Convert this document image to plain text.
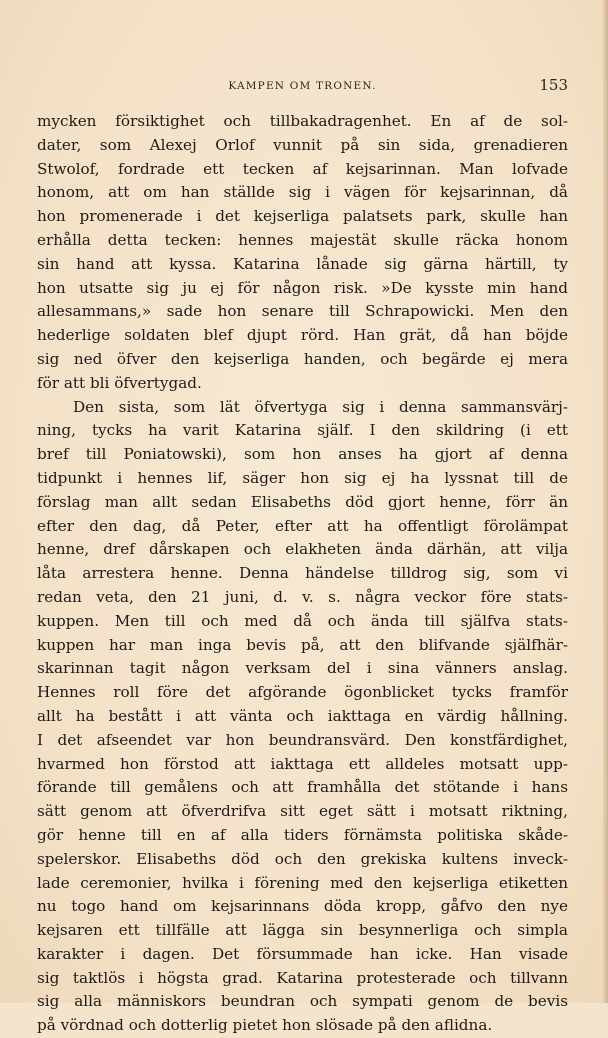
KAMPEN OM TRONEN.	153
mycken försiktighet och tillbakadragenhet. En af de sol-
dater, som Alexej Orlof vunnit på sin sida, grenadieren
Stwolof, fordrade ett tecken af kejsarinnan. Man lofvade
honom, att om han ställde sig i vägen för kejsarinnan, då
hon promenerade i det kejserliga palatsets park, skulle han
erhålla detta tecken: hennes majestät skulle räcka honom
sin hand att kyssa. Katarina lånade sig gärna härtill, ty
hon utsatte sig ju ej för någon risk. »De kysste min hand
allesammans,» sade hon senare till Schrapowicki. Men den
hederlige soldaten blef djupt rörd. Han grät, då han böjde
sig ned öfver den kejserliga handen, och begärde ej mera
för att bli öfvertygad.
Den sista, som lät öfvertyga sig i denna sammansvärj-
ning, tycks ha varit Katarina själf. I den skildring (i ett
bref till Poniatowski), som hon anses ha gjort af denna
tidpunkt i hennes lif, säger hon sig ej ha lyssnat till de
förslag man allt sedan Elisabeths död gjort henne, förr än
efter den dag, då Peter, efter att ha offentligt förolämpat
henne, dref dårskapen och elakheten ända därhän, att vilja
låta arrestera henne. Denna händelse tilldrog sig, som vi
redan veta, den 21 juni, d. v. s. några veckor före stats-
kuppen. Men till och med då och ända till själfva stats-
kuppen har man inga bevis på, att den blifvande själfhär-
skarinnan tagit någon verksam del i sina vänners anslag.
Hennes roll före det afgörande ögonblicket tycks framför
allt ha bestått i att vänta och iakttaga en värdig hållning.
I det afseendet var hon beundransvärd. Den konstfärdighet,
hvarmed hon förstod att iakttaga ett alldeles motsatt upp-
förande till gemålens och att framhålla det stötande i hans
sätt genom att öfverdrifva sitt eget sätt i motsatt riktning,
gör henne till en af alla tiders förnämsta politiska skåde-
spelerskor. Elisabeths död och den grekiska kultens inveck-
lade ceremonier, hvilka i förening med den kejserliga etiketten
nu togo hand om kejsarinnans döda kropp, gåfvo den nye
kejsaren ett tillfälle att lägga sin besynnerliga och simpla
karakter i dagen. Det försummade han icke. Han visade
sig taktlös i högsta grad. Katarina protesterade och tillvann
sig alla människors beundran och sympati genom de bevis
på vördnad och dotterlig pietet hon slösade på den aflidna.
